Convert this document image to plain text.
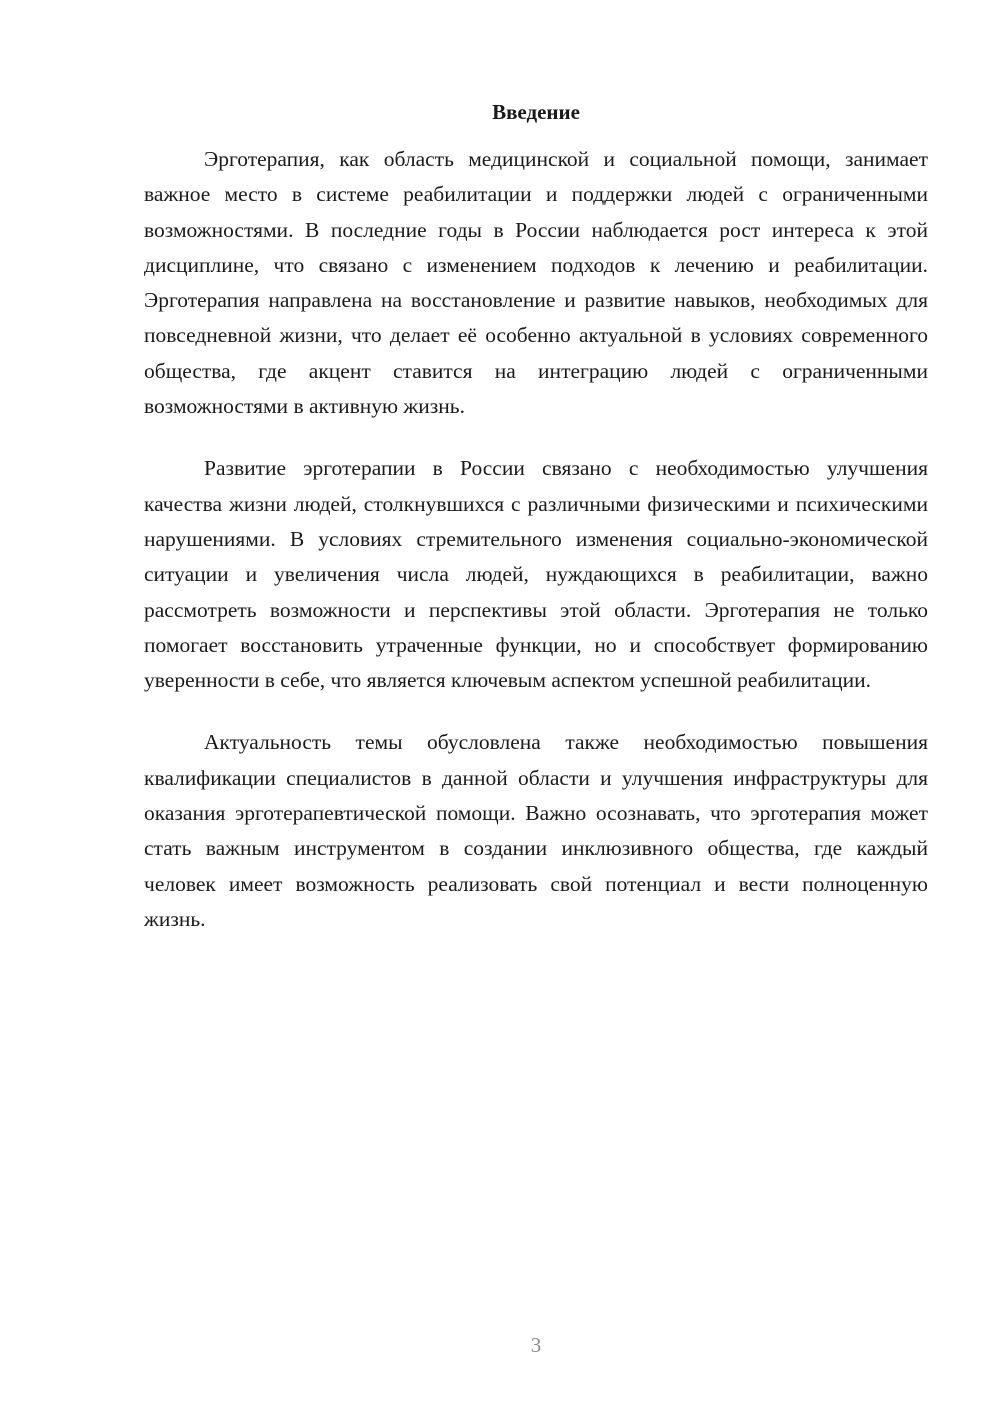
Введение

Эрготерапия, как область медицинской и социальной помощи, занимает важное место в системе реабилитации и поддержки людей с ограниченными возможностями. В последние годы в России наблюдается рост интереса к этой дисциплине, что связано с изменением подходов к лечению и реабилитации. Эрготерапия направлена на восстановление и развитие навыков, необходимых для повседневной жизни, что делает её особенно актуальной в условиях современного общества, где акцент ставится на интеграцию людей с ограниченными возможностями в активную жизнь.

Развитие эрготерапии в России связано с необходимостью улучшения качества жизни людей, столкнувшихся с различными физическими и психическими нарушениями. В условиях стремительного изменения социально-экономической ситуации и увеличения числа людей, нуждающихся в реабилитации, важно рассмотреть возможности и перспективы этой области. Эрготерапия не только помогает восстановить утраченные функции, но и способствует формированию уверенности в себе, что является ключевым аспектом успешной реабилитации.

Актуальность темы обусловлена также необходимостью повышения квалификации специалистов в данной области и улучшения инфраструктуры для оказания эрготерапевтической помощи. Важно осознавать, что эрготерапия может стать важным инструментом в создании инклюзивного общества, где каждый человек имеет возможность реализовать свой потенциал и вести полноценную жизнь.

3
